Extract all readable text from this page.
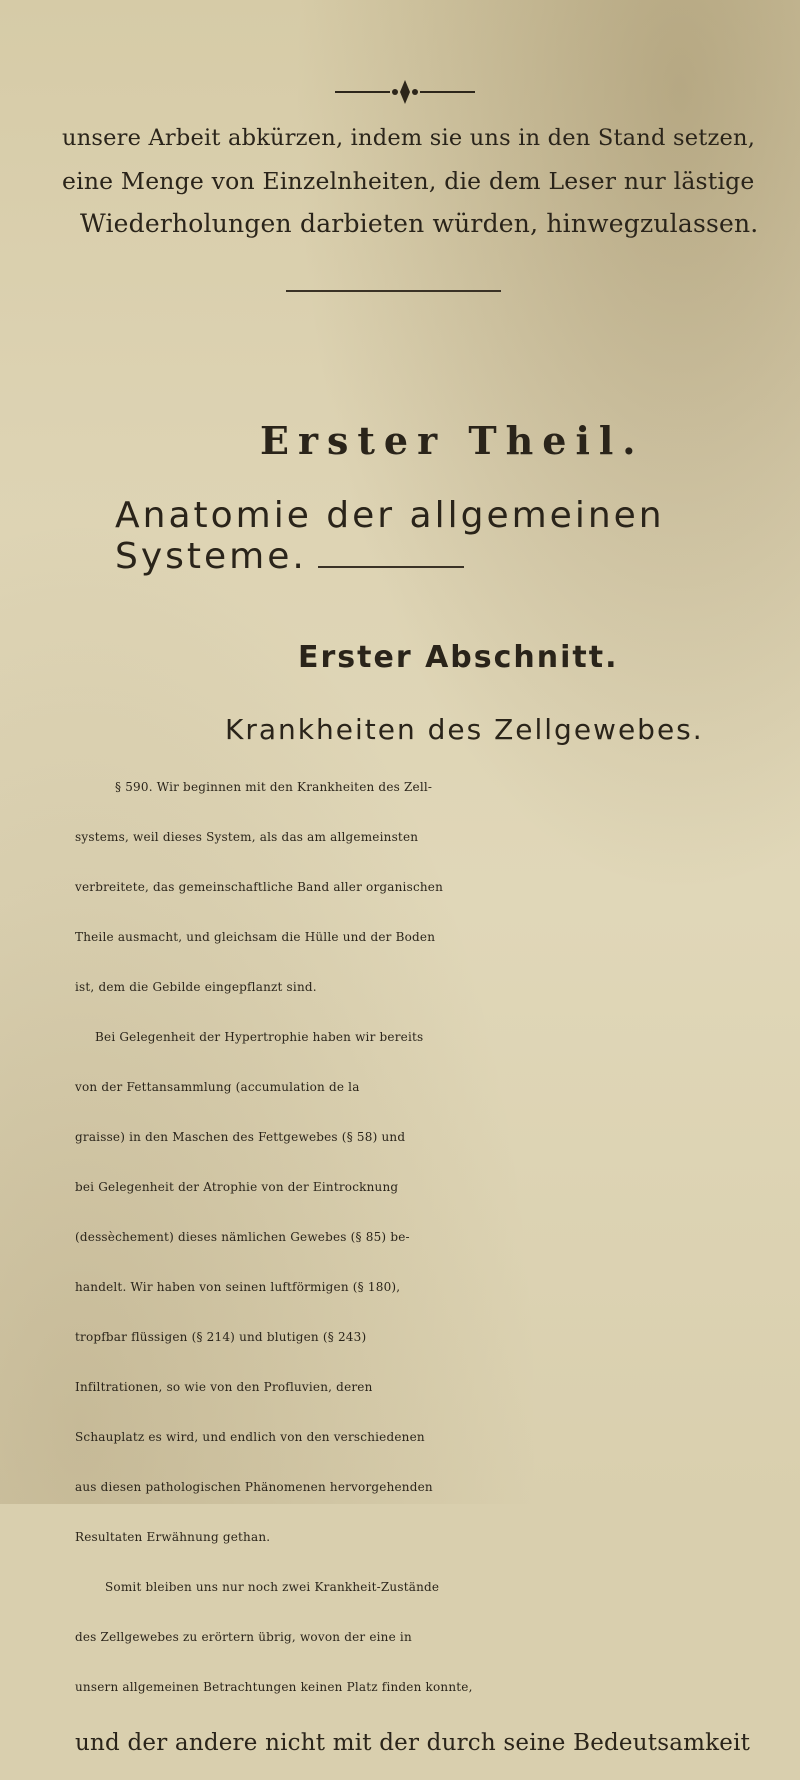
unsere Arbeit abkürzen, indem sie uns in den Stand setzen,
eine Menge von Einzelnheiten, die dem Leser nur lästige
Wiederholungen darbieten würden, hinwegzulassen.
Erster Theil.
Anatomie der allgemeinen Systeme.
Erster Abschnitt.
Krankheiten des Zellgewebes.
§ 590. Wir beginnen mit den Krankheiten des Zell-
systems, weil dieses System, als das am allgemeinsten
verbreitete, das gemeinschaftliche Band aller organischen
Theile ausmacht, und gleichsam die Hülle und der Boden
ist, dem die Gebilde eingepflanzt sind.
Bei Gelegenheit der Hypertrophie haben wir bereits
von der Fettansammlung (accumulation de la
graisse) in den Maschen des Fettgewebes (§ 58) und
bei Gelegenheit der Atrophie von der Eintrocknung
(dessèchement) dieses nämlichen Gewebes (§ 85) be-
handelt. Wir haben von seinen luftförmigen (§ 180),
tropfbar flüssigen (§ 214) und blutigen (§ 243)
Infiltrationen, so wie von den Profluvien, deren
Schauplatz es wird, und endlich von den verschiedenen
aus diesen pathologischen Phänomenen hervorgehenden
Resultaten Erwähnung gethan.
Somit bleiben uns nur noch zwei Krankheit-Zustände
des Zellgewebes zu erörtern übrig, wovon der eine in
unsern allgemeinen Betrachtungen keinen Platz finden konnte,
und der andere nicht mit der durch seine Bedeutsamkeit
